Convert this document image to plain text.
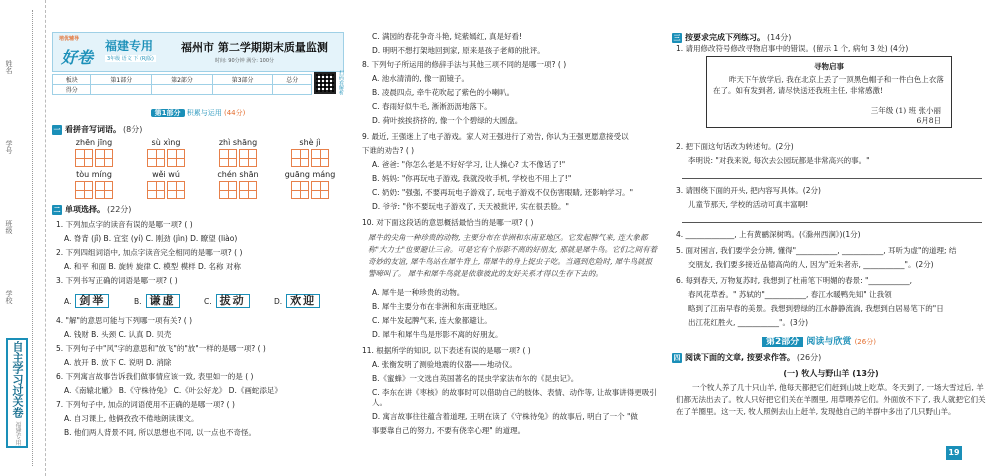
姓名
学号
班级
学校
自主学习过关卷 福建专用
培优辅导
好卷
福建专用
3年级 语文 下 (RJ版)
福州市 第二学期期末质量监测
时间: 90分钟 满分: 100分
板块	第1部分	第2部分	第3部分	总分
得分					扫码看解析
第1部分 积累与运用 (44分)
一 看拼音写词语。 (8分)
zhēn jīng	sù xìng	zhì shāng	shè jì
tòu míng	wěi wú	chén shān	guāng máng
二 单项选择。 (22分)
1. 下列加点字的读音有误的是哪一项? ( )
A. 脊背 (jǐ) B. 宜室 (yí) C. 刚劲 (jìn) D. 瞭望 (liào)
2. 下列四组词语中, 加点字读音完全相同的是哪一项? ( )
A. 和平 和面 B. 旋转 旋律 C. 模型 模样 D. 名称 对称
3. 下列书写正确的词语是哪一项? ( )
A. 剑举	B. 谦虚	C. 拔动	D. 欢迎
4. "解"的意思可能与下列哪一项有关? ( )
A. 钱财 B. 头颈 C. 认真 D. 贝壳
5. 下列句子中"风"字的意思和"放飞"的"放"一样的是哪一项? ( )
A. 放开 B. 放下 C. 说明 D. 消除
6. 下列寓言故事告诉我们做事情应该一致, 表里如一的是 ( )
A.《南辕北辙》 B.《守株待兔》 C.《叶公好龙》 D.《画蛇添足》
7. 下列句子中, 加点的词语使用不正确的是哪一项? ( )
A. 自习课上, 他俩孜孜不倦地朗读课文。
B. 他们两人背景不同, 所以思想也不同, 以一点也不奇怪。
C. 满园的春花争奇斗艳, 姹紫嫣红, 真是好看!
D. 明明不想打架地回到家, 原来是孩子老师的批评。
8. 下列句子所运用的修辞手法与其他三项不同的是哪一项? ( )
A. 池水清清的, 像一面镜子。
B. 凌晨四点, 牵牛花吹起了紫色的小喇叭。
C. 春雨好似牛毛, 淅淅沥沥地落下。
D. 荷叶挨挨挤挤的, 像一个个碧绿的大圆盘。
9. 最近, 王强迷上了电子游戏。家人对王强进行了劝告, 你认为王强更愿意接受以
下谁的劝告? ( )
A. 爸爸: "你怎么老是不好好学习, 让人操心? 太不像话了!"
B. 妈妈: "你再玩电子游戏, 我就没收手机, 学校也不用上了!"
C. 奶奶: "强强, 不要再玩电子游戏了, 玩电子游戏不仅伤害眼睛, 还影响学习。"
D. 爷爷: "你不要玩电子游戏了, 天天被批评, 实在很丢脸。"
10. 对下面这段话的意思概括最恰当的是哪一项? ( )
犀牛的尖角一种珍贵的动物, 主要分布在非洲和东南亚地区。它发起脾气来, 连大象都称"大力士"也要避让三舍。可是它有个形影不离的好朋友, 那就是犀牛鸟。它们之间有着奇妙的友谊, 犀牛鸟站在犀牛背上, 帮犀牛的身上捉虫子吃。当遇到危险时, 犀牛鸟就报警啼叫了。 犀牛和犀牛鸟就是依靠彼此的友好关系才得以生存下去的。
A. 犀牛是一种珍贵的动物。
B. 犀牛主要分布在非洲和东南亚地区。
C. 犀牛发起脾气来, 连大象都避让。
D. 犀牛和犀牛鸟是形影不离的好朋友。
11. 根据所学的知识, 以下表述有误的是哪一项? ( )
A. 张衡发明了测验地震的仪器——地动仪。
B.《蜜蜂》一文选自英国著名的昆虫学家法布尔的《昆虫记》。
C. 李东在讲《枣核》的故事时可以借助自己的肢体、表情、动作等, 让故事讲得更吸引人。
D. 寓言故事往往蕴含着道理, 王明在读了《守株待兔》的故事后, 明白了一个 "做
事要靠自己的努力, 不要有侥幸心理" 的道理。
三 按要求完成下列练习。 (14分)
1. 请用修改符号修改寻物启事中的错误。(留示 1 个, 病句 3 处) (4分)
寻物启事
昨天下午放学后, 我在北京上丢了一顶黑色帽子和一件白色上衣落在了。如有发到者, 请尽快送还我班主任, 非常感激!
三年级 (1) 班 张小丽
6月8日
2. 把下面这句话改为转述句。(2分)
李明说: "对我来说, 每次去公园玩都是非常高兴的事。"
3. 请围绕下面的开头, 把内容写具体。(2分)
儿童节那天, 学校的活动可真丰富啊!
4. _____________, 上有黄鹂深树鸣。(《滁州西涧》)(1分)
5. 面对困言, 我们要学会分辨, 懂得"___________, ___________, 耳听为虚"的道理; 结
交朋友, 我们要多接近品德高尚的人, 因为"近朱者赤, ___________"。(2分)
6. 每到春天, 万物复苏时, 我想到了杜甫笔下明媚的春景: "___________,
春风花草香。" 苏轼的"___________, 春江水暖鸭先知" 让我领
略到了江南早春的美景。我想到碧绿的江水静静流淌, 我想到白居易笔下的"日
出江花红胜火, ___________"。(3分)
第2部分 阅读与欣赏 (26分)
四 阅读下面的文章, 按要求作答。 (26分)
(一) 牧人与野山羊 (13分)
一个牧人养了几十只山羊, 他每天都把它们赶到山坡上吃草。冬天到了, 一场大雪过后, 羊们都无法出去了。牧人只好把它们关在羊圈里, 用草喂养它们。外面放不下了, 我人就把它们关在了羊圈里。这一天, 牧人照例去山上赶羊, 发现他自己的羊群中多出了几只野山羊。
19
